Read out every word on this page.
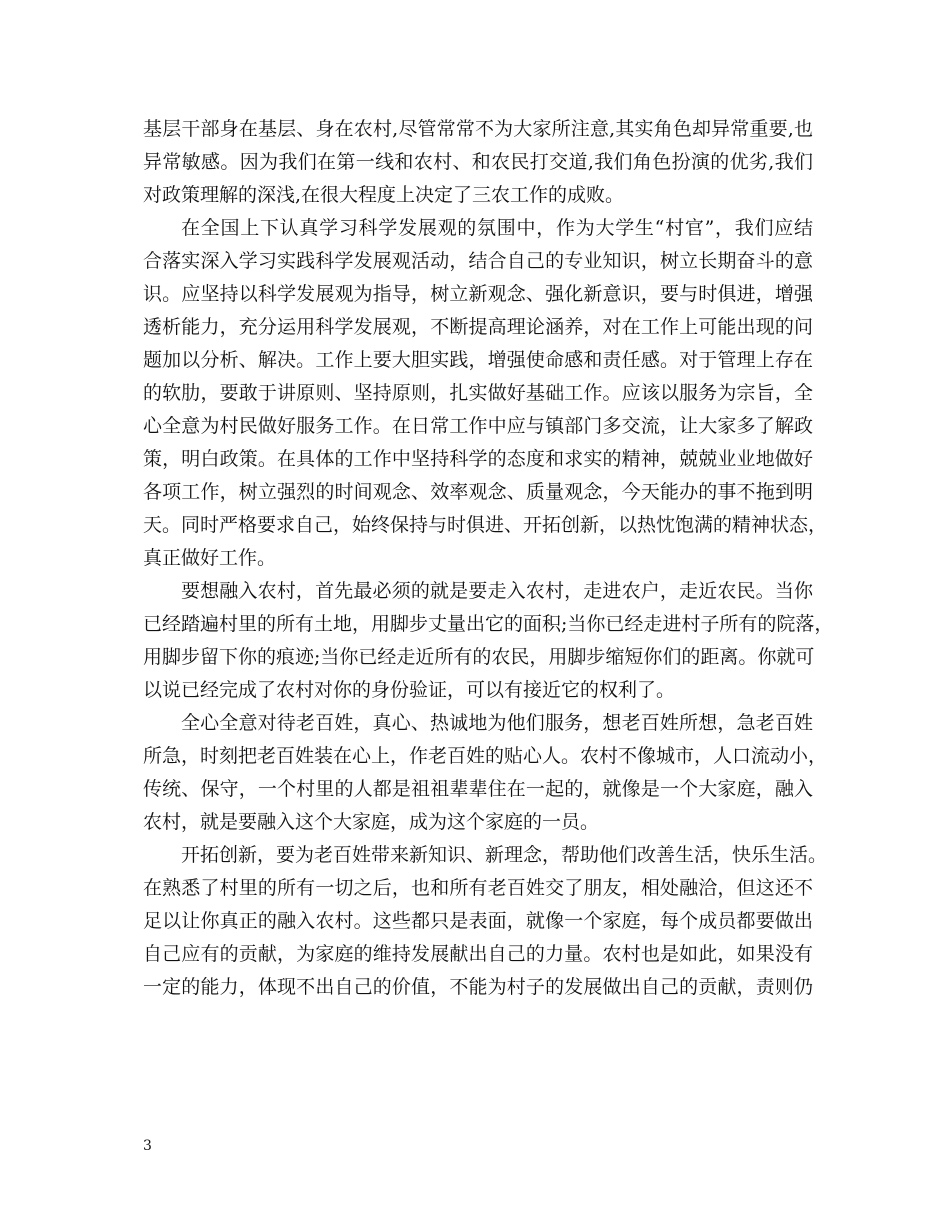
基层干部身在基层、身在农村,尽管常常不为大家所注意,其实角色却异常重要,也
异常敏感。因为我们在第一线和农村、和农民打交道,我们角色扮演的优劣,我们
对政策理解的深浅,在很大程度上决定了三农工作的成败。
在全国上下认真学习科学发展观的氛围中，作为大学生“村官”，我们应结
合落实深入学习实践科学发展观活动，结合自己的专业知识，树立长期奋斗的意
识。应坚持以科学发展观为指导，树立新观念、强化新意识，要与时俱进，增强
透析能力，充分运用科学发展观，不断提高理论涵养，对在工作上可能出现的问
题加以分析、解决。工作上要大胆实践，增强使命感和责任感。对于管理上存在
的软肋，要敢于讲原则、坚持原则，扎实做好基础工作。应该以服务为宗旨，全
心全意为村民做好服务工作。在日常工作中应与镇部门多交流，让大家多了解政
策，明白政策。在具体的工作中坚持科学的态度和求实的精神，兢兢业业地做好
各项工作，树立强烈的时间观念、效率观念、质量观念，今天能办的事不拖到明
天。同时严格要求自己，始终保持与时俱进、开拓创新，以热忱饱满的精神状态，
真正做好工作。
要想融入农村，首先最必须的就是要走入农村，走进农户，走近农民。当你
已经踏遍村里的所有土地，用脚步丈量出它的面积;当你已经走进村子所有的院落，
用脚步留下你的痕迹;当你已经走近所有的农民，用脚步缩短你们的距离。你就可
以说已经完成了农村对你的身份验证，可以有接近它的权利了。
全心全意对待老百姓，真心、热诚地为他们服务，想老百姓所想，急老百姓
所急，时刻把老百姓装在心上，作老百姓的贴心人。农村不像城市，人口流动小，
传统、保守，一个村里的人都是祖祖辈辈住在一起的，就像是一个大家庭，融入
农村，就是要融入这个大家庭，成为这个家庭的一员。
开拓创新，要为老百姓带来新知识、新理念，帮助他们改善生活，快乐生活。
在熟悉了村里的所有一切之后，也和所有老百姓交了朋友，相处融洽，但这还不
足以让你真正的融入农村。这些都只是表面，就像一个家庭，每个成员都要做出
自己应有的贡献，为家庭的维持发展献出自己的力量。农村也是如此，如果没有
一定的能力，体现不出自己的价值，不能为村子的发展做出自己的贡献，责则仍
3
